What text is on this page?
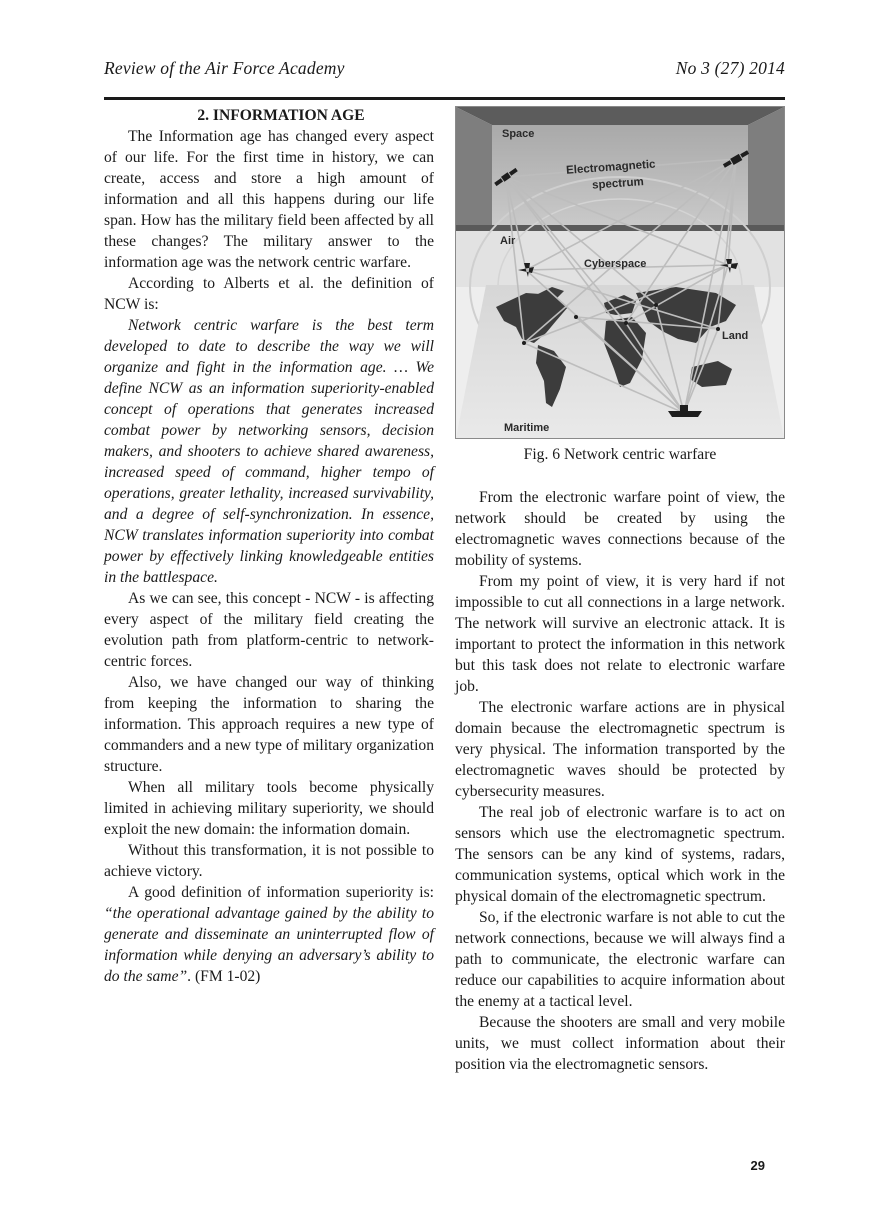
Review of the Air Force Academy	No 3 (27) 2014

2. INFORMATION AGE

The Information age has changed every aspect of our life. For the first time in history, we can create, access and store a high amount of information and all this happens during our life span. How has the military field been affected by all these changes? The military answer to the information age was the network centric warfare.

According to Alberts et al. the definition of NCW is:

Network centric warfare is the best term developed to date to describe the way we will organize and fight in the information age. … We define NCW as an information superiority-enabled concept of operations that generates increased combat power by networking sensors, decision makers, and shooters to achieve shared awareness, increased speed of command, higher tempo of operations, greater lethality, increased survivability, and a degree of self-synchronization. In essence, NCW translates information superiority into combat power by effectively linking knowledgeable entities in the battlespace.

As we can see, this concept - NCW - is affecting every aspect of the military field creating the evolution path from platform-centric to network-centric forces.

Also, we have changed our way of thinking from keeping the information to sharing the information. This approach requires a new type of commanders and a new type of military organization structure.

When all military tools become physically limited in achieving military superiority, we should exploit the new domain: the information domain.

Without this transformation, it is not possible to achieve victory.

A good definition of information superiority is: “the operational advantage gained by the ability to generate and disseminate an uninterrupted flow of information while denying an adversary’s ability to do the same”. (FM 1-02)

Space
Electromagnetic
spectrum
Air
Cyberspace
Land
Maritime
Fig. 6 Network centric warfare

From the electronic warfare point of view, the network should be created by using the electromagnetic waves connections because of the mobility of systems.

From my point of view, it is very hard if not impossible to cut all connections in a large network. The network will survive an electronic attack. It is important to protect the information in this network but this task does not relate to electronic warfare job.

The electronic warfare actions are in physical domain because the electromagnetic spectrum is very physical. The information transported by the electromagnetic waves should be protected by cybersecurity measures.

The real job of electronic warfare is to act on sensors which use the electromagnetic spectrum. The sensors can be any kind of systems, radars, communication systems, optical which work in the physical domain of the electromagnetic spectrum.

So, if the electronic warfare is not able to cut the network connections, because we will always find a path to communicate, the electronic warfare can reduce our capabilities to acquire information about the enemy at a tactical level.

Because the shooters are small and very mobile units, we must collect information about their position via the electromagnetic sensors.

29
